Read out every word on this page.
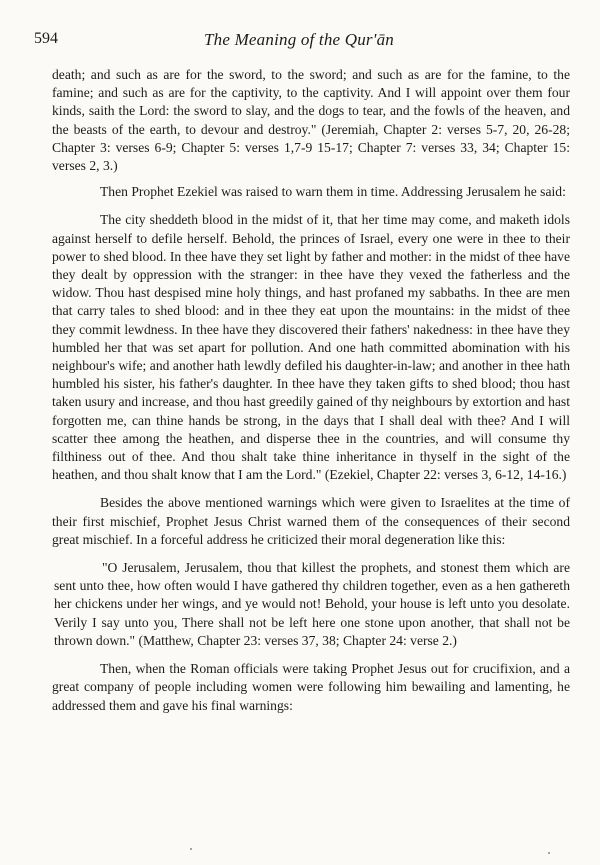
594	The Meaning of the Qur'ān

death; and such as are for the sword, to the sword; and such as are for the famine, to the famine; and such as are for the captivity, to the captivity. And I will appoint over them four kinds, saith the Lord: the sword to slay, and the dogs to tear, and the fowls of the heaven, and the beasts of the earth, to devour and destroy." (Jeremiah, Chapter 2: verses 5-7, 20, 26-28; Chapter 3: verses 6-9; Chapter 5: verses 1,7-9 15-17; Chapter 7: verses 33, 34; Chapter 15: verses 2, 3.)

Then Prophet Ezekiel was raised to warn them in time. Addressing Jerusalem he said:

The city sheddeth blood in the midst of it, that her time may come, and maketh idols against herself to defile herself. Behold, the princes of Israel, every one were in thee to their power to shed blood. In thee have they set light by father and mother: in the midst of thee have they dealt by oppression with the stranger: in thee have they vexed the fatherless and the widow. Thou hast despised mine holy things, and hast profaned my sabbaths. In thee are men that carry tales to shed blood: and in thee they eat upon the mountains: in the midst of thee they commit lewdness. In thee have they discovered their fathers' nakedness: in thee have they humbled her that was set apart for pollution. And one hath committed abomination with his neighbour's wife; and another hath lewdly defiled his daughter-in-law; and another in thee hath humbled his sister, his father's daughter. In thee have they taken gifts to shed blood; thou hast taken usury and increase, and thou hast greedily gained of thy neighbours by extortion and hast forgotten me, can thine hands be strong, in the days that I shall deal with thee? And I will scatter thee among the heathen, and disperse thee in the countries, and will consume thy filthiness out of thee. And thou shalt take thine inheritance in thyself in the sight of the heathen, and thou shalt know that I am the Lord." (Ezekiel, Chapter 22: verses 3, 6-12, 14-16.)

Besides the above mentioned warnings which were given to Israelites at the time of their first mischief, Prophet Jesus Christ warned them of the consequences of their second great mischief. In a forceful address he criticized their moral degeneration like this:

"O Jerusalem, Jerusalem, thou that killest the prophets, and stonest them which are sent unto thee, how often would I have gathered thy children together, even as a hen gathereth her chickens under her wings, and ye would not! Behold, your house is left unto you desolate. Verily I say unto you, There shall not be left here one stone upon another, that shall not be thrown down." (Matthew, Chapter 23: verses 37, 38; Chapter 24: verse 2.)

Then, when the Roman officials were taking Prophet Jesus out for crucifixion, and a great company of people including women were following him bewailing and lamenting, he addressed them and gave his final warnings:
